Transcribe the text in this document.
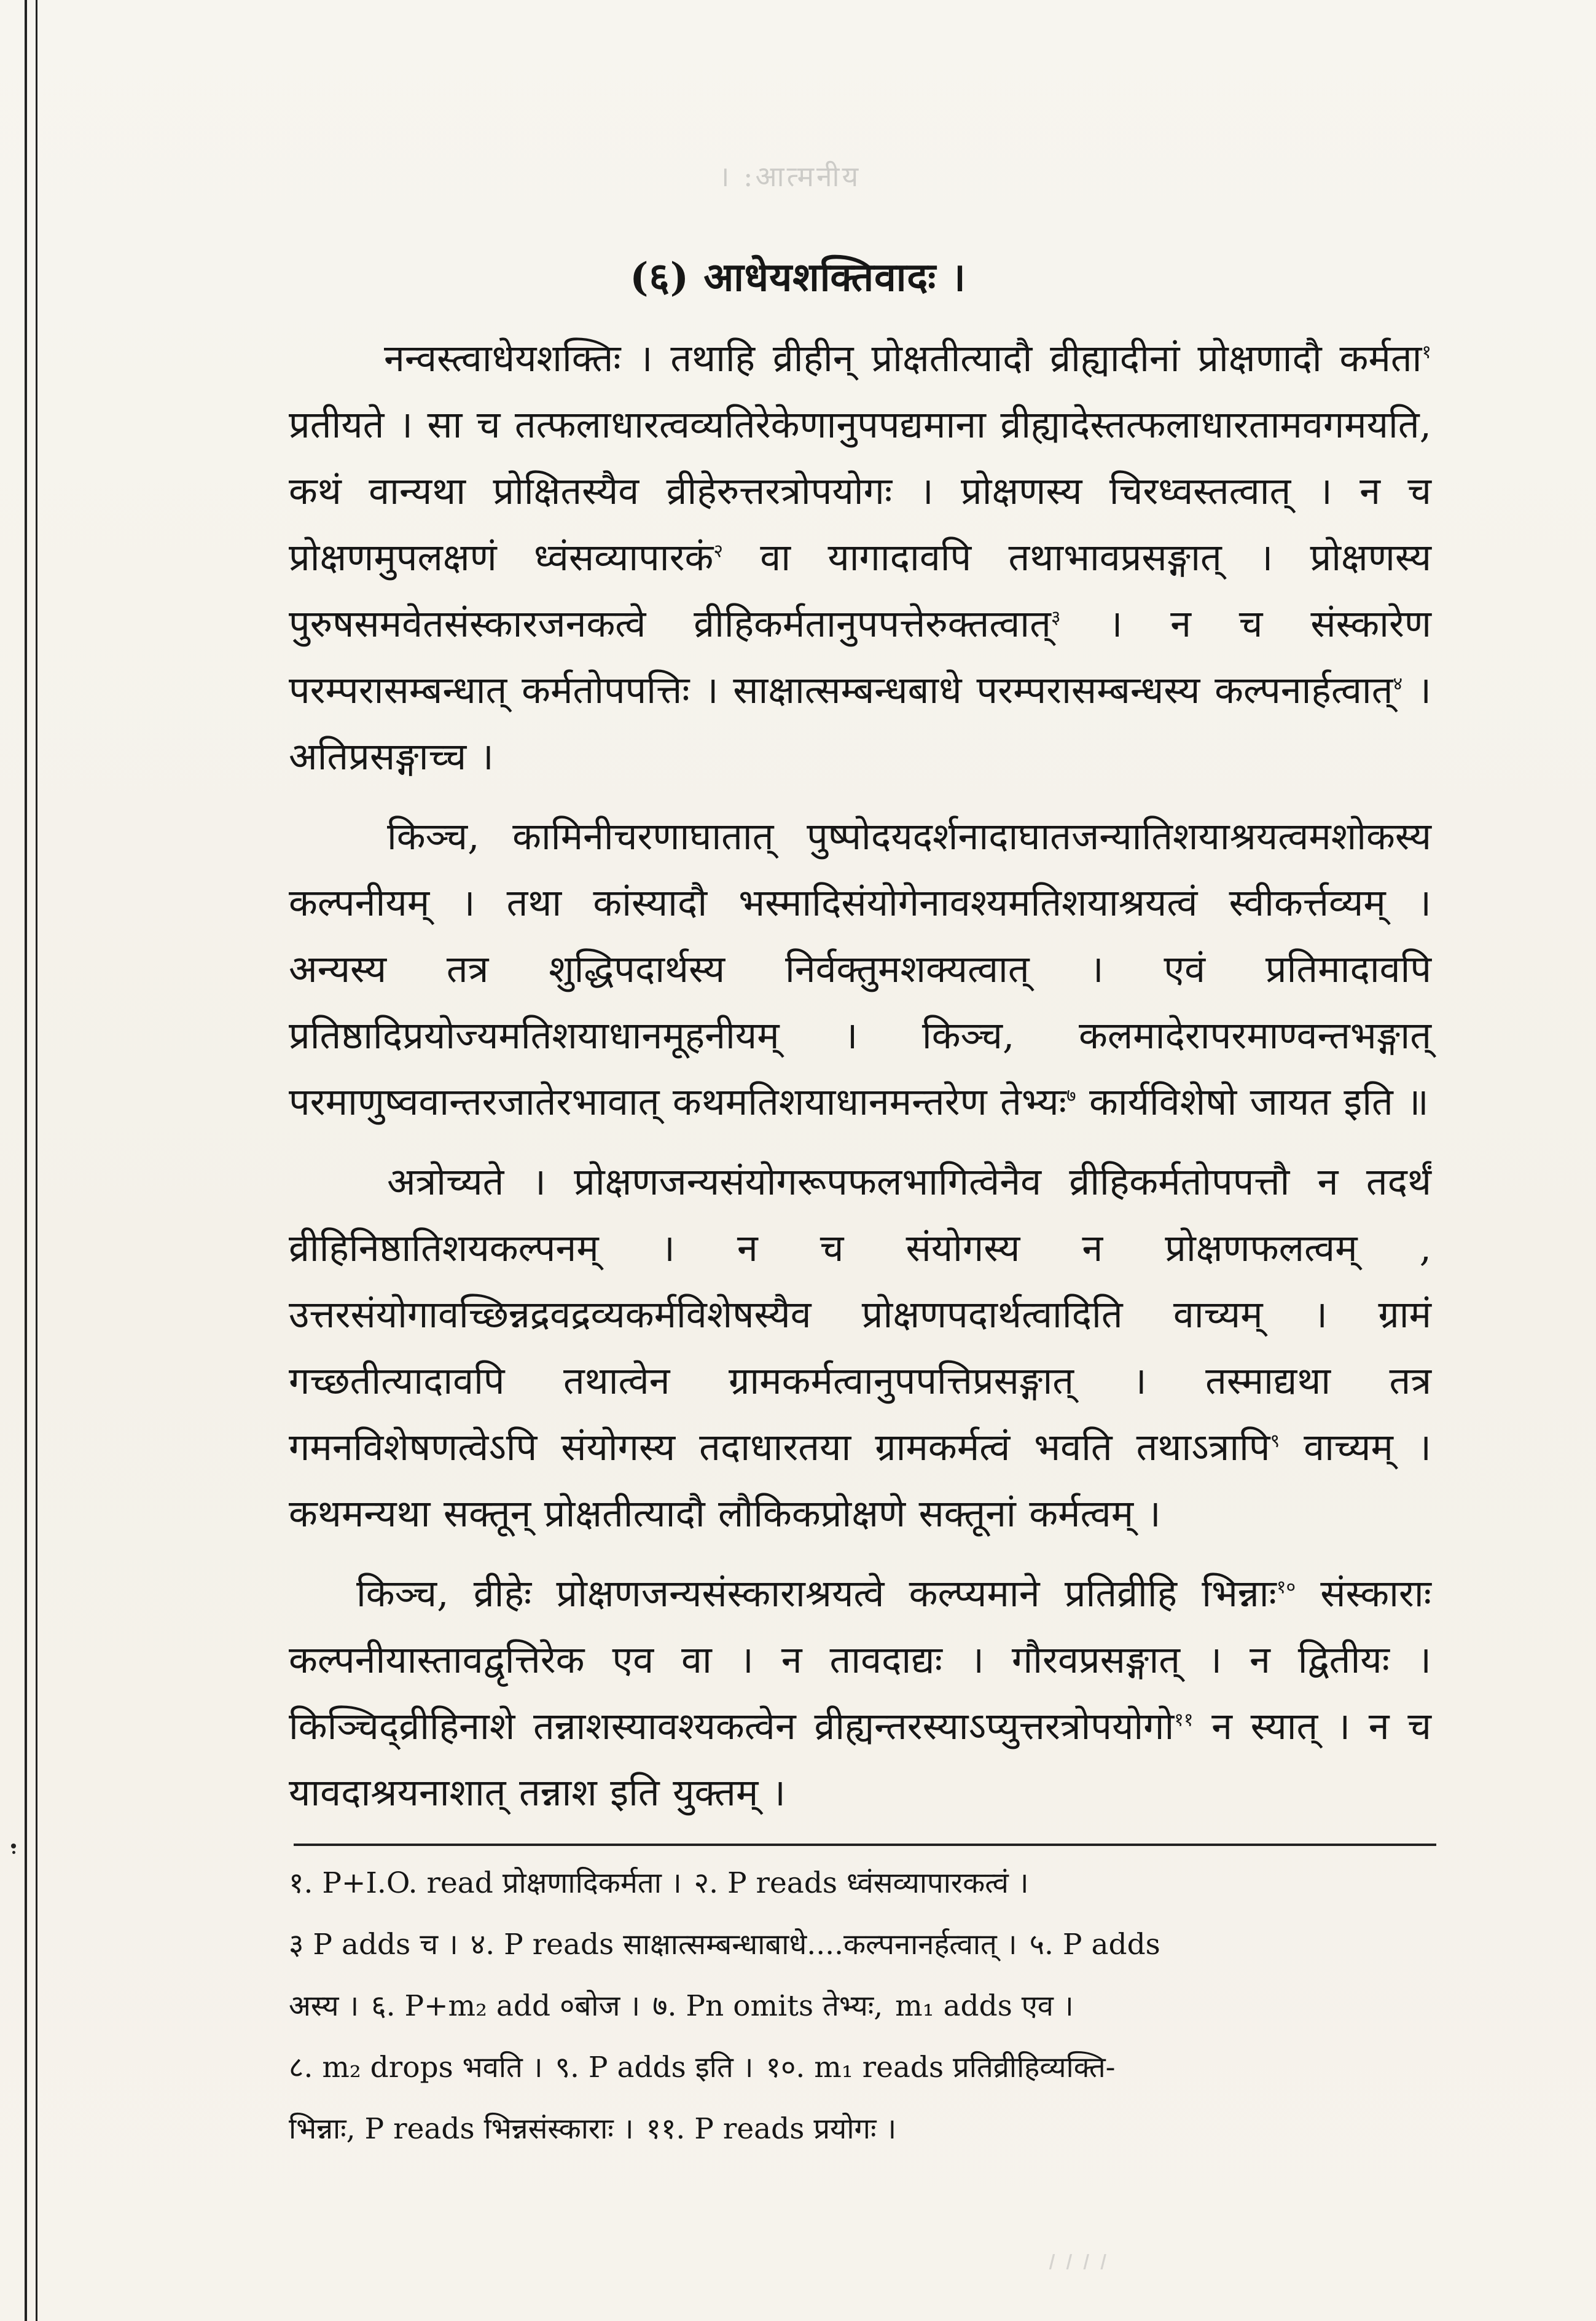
। :आत्मनीय
। । । ।
(६) आधेयशक्तिवादः ।

नन्वस्त्वाधेयशक्तिः । तथाहि व्रीहीन् प्रोक्षतीत्यादौ व्रीह्यादीनां प्रोक्षणादौ कर्मता$^१$ प्रतीयते । सा च तत्फलाधारत्वव्यतिरेकेणानुपपद्यमाना व्रीह्यादेस्तत्फलाधारतामवगमयति, कथं वान्यथा प्रोक्षितस्यैव व्रीहेरुत्तरत्रोपयोगः । प्रोक्षणस्य चिरध्वस्तत्वात् । न च प्रोक्षणमुपलक्षणं ध्वंसव्यापारकं$^२$ वा यागादावपि तथाभावप्रसङ्गात् । प्रोक्षणस्य पुरुषसमवेतसंस्कारजनकत्वे व्रीहिकर्मतानुपपत्तेरुक्तत्वात्$^३$ । न च संस्कारेण परम्परासम्बन्धात् कर्मतोपपत्तिः । साक्षात्सम्बन्धबाधे परम्परासम्बन्धस्य कल्पनार्हत्वात्$^४$ । अतिप्रसङ्गाच्च ।

किञ्च, कामिनीचरणाघातात् पुष्पोदयदर्शनादाघातजन्यातिशयाश्रयत्वमशोकस्य कल्पनीयम् । तथा कांस्यादौ भस्मादिसंयोगेनावश्यमतिशयाश्रयत्वं स्वीकर्त्तव्यम् । अन्यस्य तत्र शुद्धिपदार्थस्य निर्वक्तुमशक्यत्वात् । एवं प्रतिमादावपि प्रतिष्ठादिप्रयोज्यमतिशयाधानमूहनीयम् । किञ्च, कलमादेरापरमाण्वन्तभङ्गात् परमाणुष्ववान्तरजातेरभावात् कथमतिशयाधानमन्तरेण तेभ्यः$^७$ कार्यविशेषो जायत इति ॥

अत्रोच्यते । प्रोक्षणजन्यसंयोगरूपफलभागित्वेनैव व्रीहिकर्मतोपपत्तौ न तदर्थं व्रीहिनिष्ठातिशयकल्पनम् । न च संयोगस्य न प्रोक्षणफलत्वम् , उत्तरसंयोगावच्छिन्नद्रवद्रव्यकर्मविशेषस्यैव प्रोक्षणपदार्थत्वादिति वाच्यम् । ग्रामं गच्छतीत्यादावपि तथात्वेन ग्रामकर्मत्वानुपपत्तिप्रसङ्गात् । तस्माद्यथा तत्र गमनविशेषणत्वेऽपि संयोगस्य तदाधारतया ग्रामकर्मत्वं भवति तथाऽत्रापि$^९$ वाच्यम् । कथमन्यथा सक्तून् प्रोक्षतीत्यादौ लौकिकप्रोक्षणे सक्तूनां कर्मत्वम् ।

किञ्च, व्रीहेः प्रोक्षणजन्यसंस्काराश्रयत्वे कल्प्यमाने प्रतिव्रीहि भिन्नाः$^{१०}$ संस्काराः कल्पनीयास्तावद्वृत्तिरेक एव वा । न तावदाद्यः । गौरवप्रसङ्गात् । न द्वितीयः । किञ्चिद्व्रीहिनाशे तन्नाशस्यावश्यकत्वेन व्रीह्यन्तरस्याऽप्युत्तरत्रोपयोगो$^{११}$ न स्यात् । न च यावदाश्रयनाशात् तन्नाश इति युक्तम् ।

१. P+I.O. read प्रोक्षणादिकर्मता । २. P reads ध्वंसव्यापारकत्वं ।
३ P adds च । ४. P reads साक्षात्सम्बन्धाबाधे....कल्पनानर्हत्वात् । ५. P adds
अस्य । ६. P+m₂ add ०बोज । ७. Pn omits तेभ्यः, m₁ adds एव ।
८. m₂ drops भवति । ९. P adds इति । १०. m₁ reads प्रतिव्रीहिव्यक्ति-
भिन्नाः, P reads भिन्नसंस्काराः । ११. P reads प्रयोगः ।
